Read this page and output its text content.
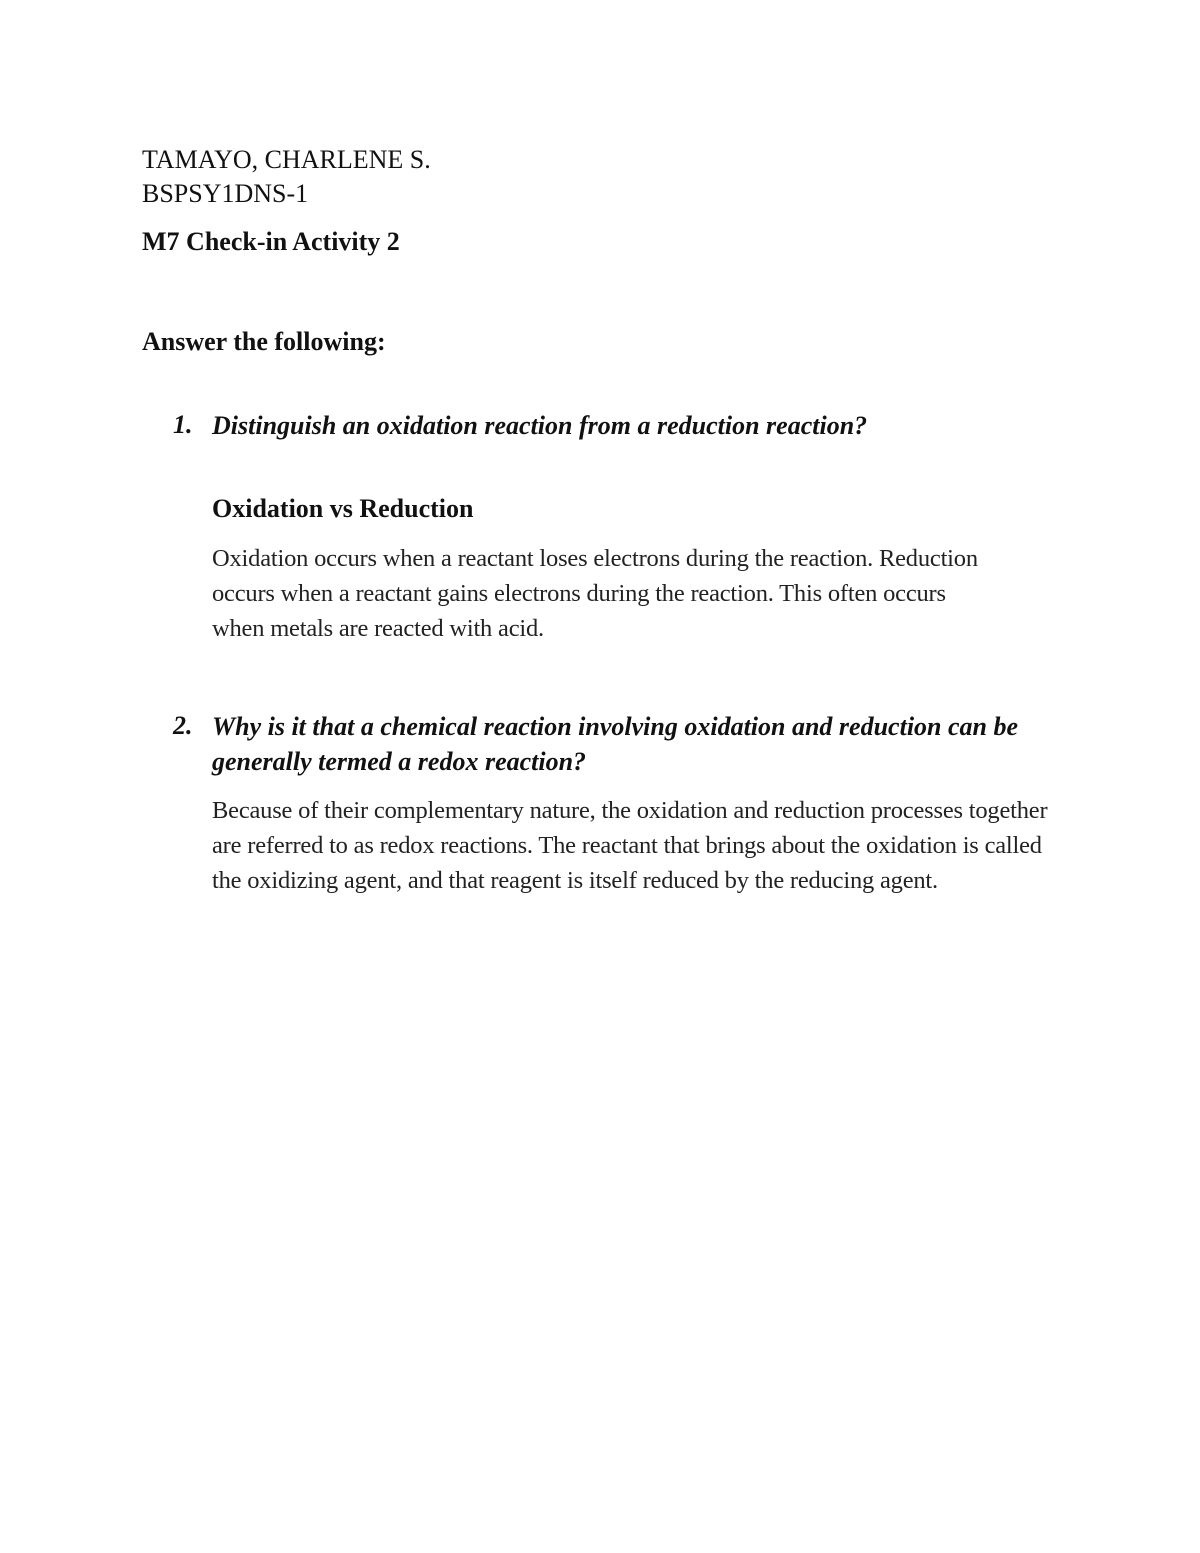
TAMAYO, CHARLENE S.
BSPSY1DNS-1
M7 Check-in Activity 2
Answer the following:
1. Distinguish an oxidation reaction from a reduction reaction?
Oxidation vs Reduction
Oxidation occurs when a reactant loses electrons during the reaction. Reduction occurs when a reactant gains electrons during the reaction. This often occurs when metals are reacted with acid.
2. Why is it that a chemical reaction involving oxidation and reduction can be generally termed a redox reaction?
Because of their complementary nature, the oxidation and reduction processes together are referred to as redox reactions. The reactant that brings about the oxidation is called the oxidizing agent, and that reagent is itself reduced by the reducing agent.
